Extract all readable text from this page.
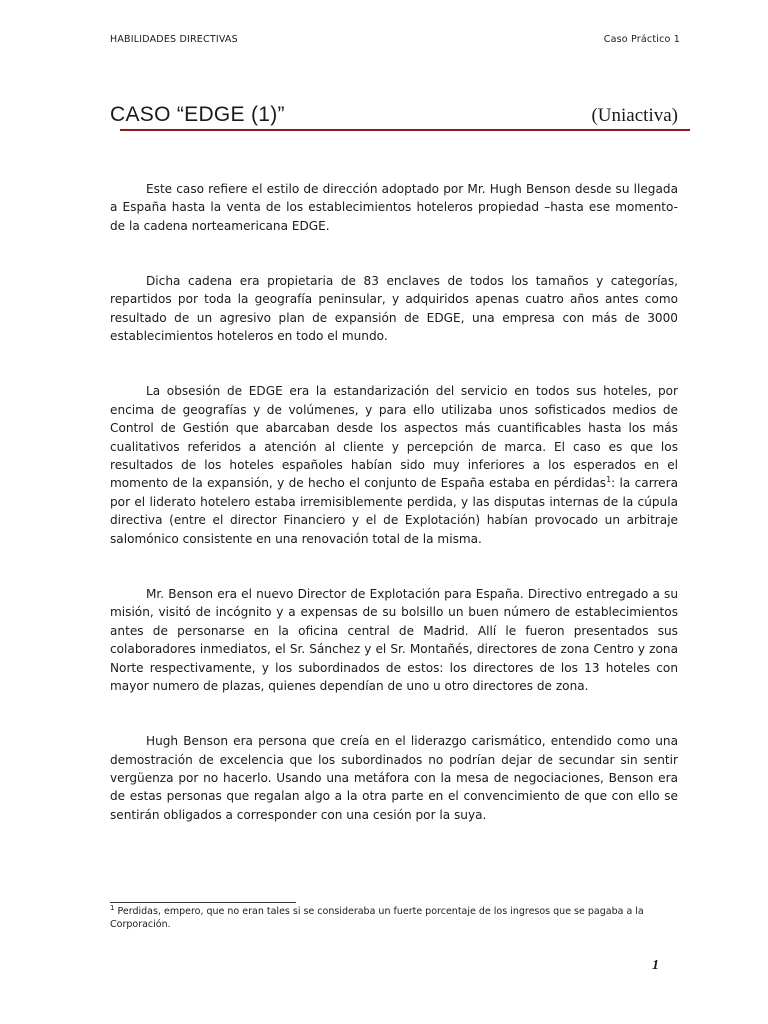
HABILIDADES DIRECTIVAS	Caso Práctico 1
CASO “EDGE (1)”	(Uniactiva)

Este caso refiere el estilo de dirección adoptado por Mr. Hugh Benson desde su llegada a España hasta la venta de los establecimientos hoteleros propiedad –hasta ese momento- de la cadena norteamericana EDGE.

Dicha cadena era propietaria de 83 enclaves de todos los tamaños y categorías, repartidos por toda la geografía peninsular, y adquiridos apenas cuatro años antes como resultado de un agresivo plan de expansión de EDGE, una empresa con más de 3000 establecimientos hoteleros en todo el mundo.

La obsesión de EDGE era la estandarización del servicio en todos sus hoteles, por encima de geografías y de volúmenes, y para ello utilizaba unos sofisticados medios de Control de Gestión que abarcaban desde los aspectos más cuantificables hasta los más cualitativos referidos a atención al cliente y percepción de marca. El caso es que los resultados de los hoteles españoles habían sido muy inferiores a los esperados en el momento de la expansión, y de hecho el conjunto de España estaba en pérdidas$^1$: la carrera por el liderato hotelero estaba irremisiblemente perdida, y las disputas internas de la cúpula directiva (entre el director Financiero y el de Explotación) habían provocado un arbitraje salomónico consistente en una renovación total de la misma.

Mr. Benson era el nuevo Director de Explotación para España. Directivo entregado a su misión, visitó de incógnito y a expensas de su bolsillo un buen número de establecimientos antes de personarse en la oficina central de Madrid. Allí le fueron presentados sus colaboradores inmediatos, el Sr. Sánchez y el Sr. Montañés, directores de zona Centro y zona Norte respectivamente, y los subordinados de estos: los directores de los 13 hoteles con mayor numero de plazas, quienes dependían de uno u otro directores de zona.

Hugh Benson era persona que creía en el liderazgo carismático, entendido como una demostración de excelencia que los subordinados no podrían dejar de secundar sin sentir vergüenza por no hacerlo. Usando una metáfora con la mesa de negociaciones, Benson era de estas personas que regalan algo a la otra parte en el convencimiento de que con ello se sentirán obligados a corresponder con una cesión por la suya.

$^1$ Perdidas, empero, que no eran tales si se consideraba un fuerte porcentaje de los ingresos que se pagaba a la Corporación.
1
